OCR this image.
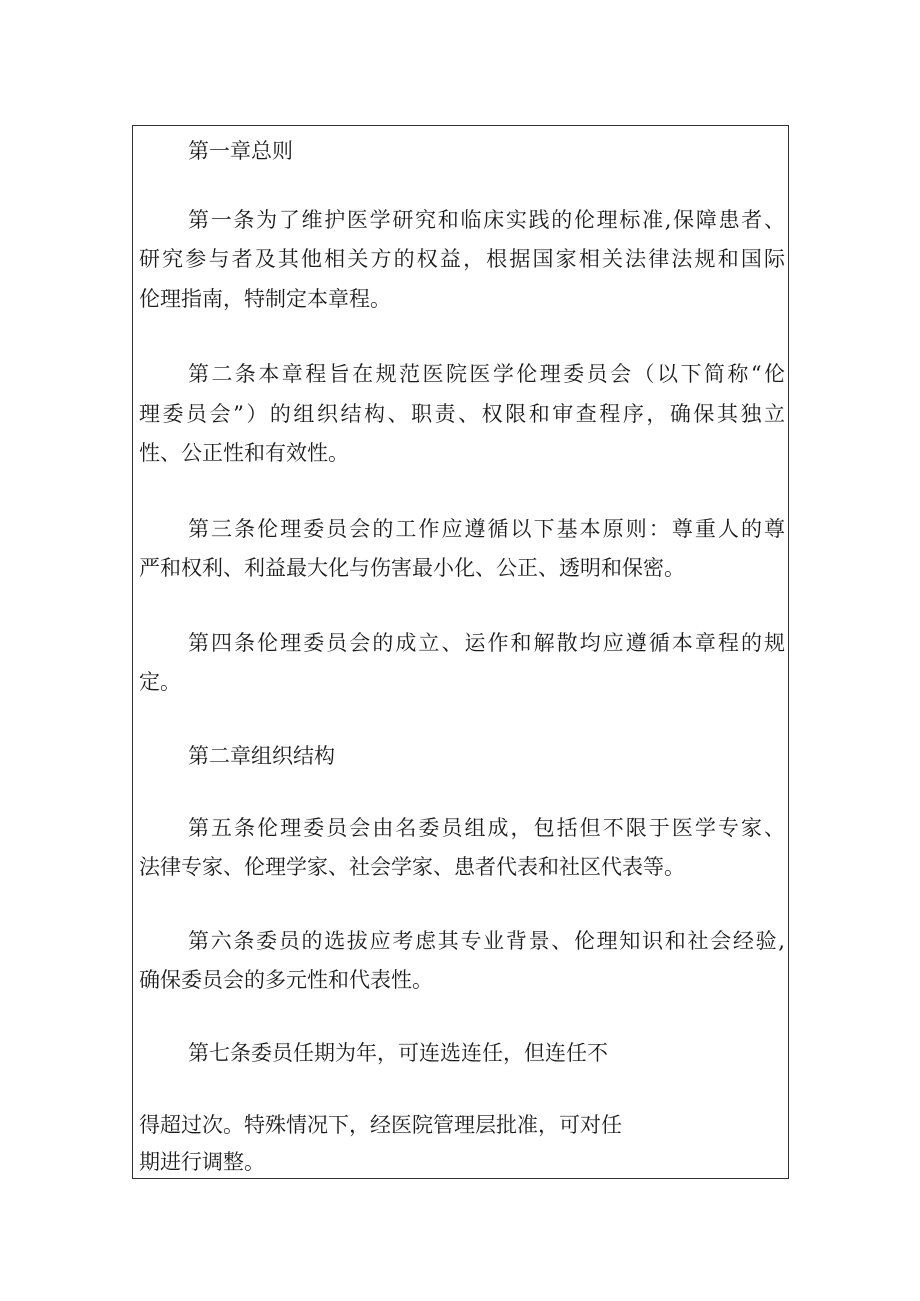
第一章总则
第一条为了维护医学研究和临床实践的伦理标准,保障患者、
研究参与者及其他相关方的权益，根据国家相关法律法规和国际
伦理指南，特制定本章程。
第二条本章程旨在规范医院医学伦理委员会（以下简称“伦
理委员会”）的组织结构、职责、权限和审查程序，确保其独立
性、公正性和有效性。
第三条伦理委员会的工作应遵循以下基本原则：尊重人的尊
严和权利、利益最大化与伤害最小化、公正、透明和保密。
第四条伦理委员会的成立、运作和解散均应遵循本章程的规
定。
第二章组织结构
第五条伦理委员会由名委员组成，包括但不限于医学专家、
法律专家、伦理学家、社会学家、患者代表和社区代表等。
第六条委员的选拔应考虑其专业背景、伦理知识和社会经验,
确保委员会的多元性和代表性。
第七条委员任期为年，可连选连任，但连任不
得超过次。特殊情况下，经医院管理层批准，可对任
期进行调整。
